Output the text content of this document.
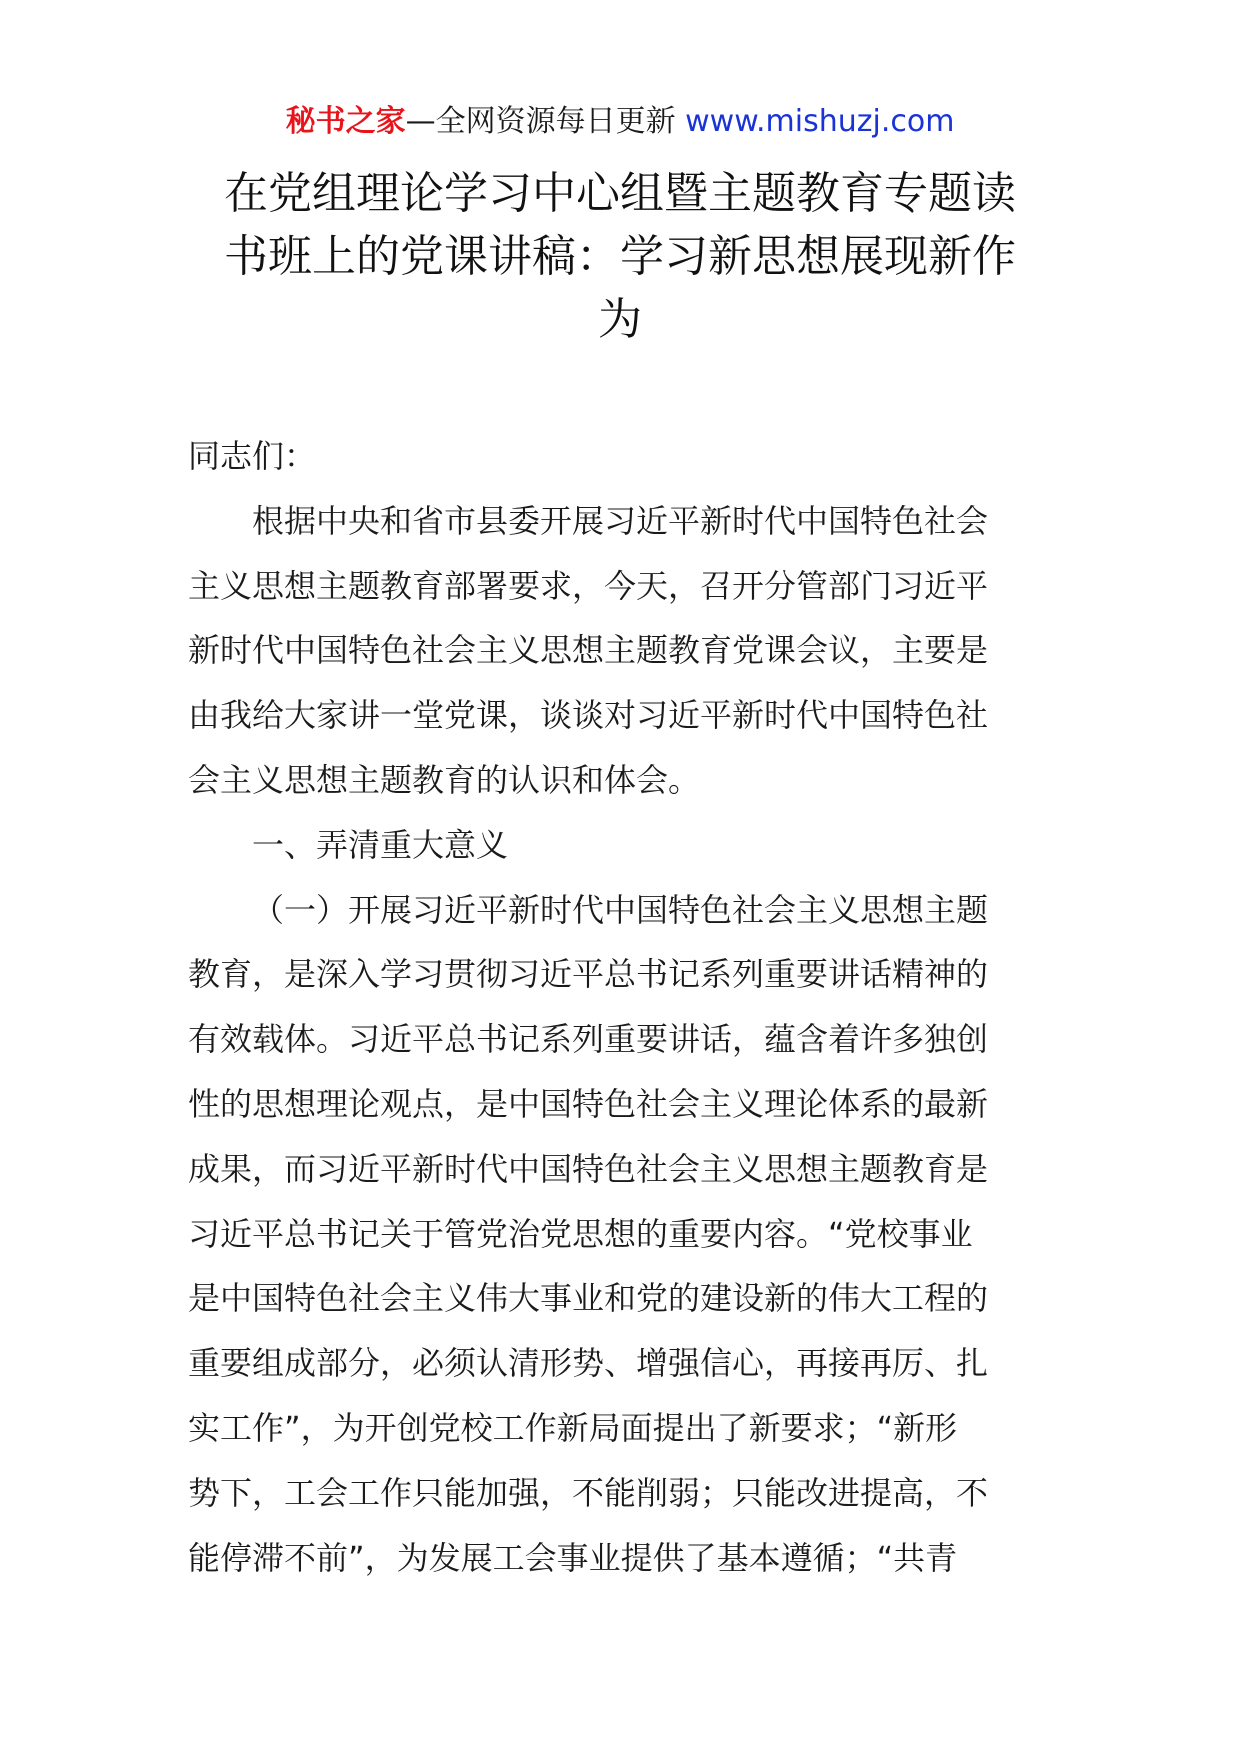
秘书之家—全网资源每日更新 www.mishuzj.com
在党组理论学习中心组暨主题教育专题读
书班上的党课讲稿：学习新思想展现新作
为
同志们：
根据中央和省市县委开展习近平新时代中国特色社会
主义思想主题教育部署要求，今天，召开分管部门习近平
新时代中国特色社会主义思想主题教育党课会议，主要是
由我给大家讲一堂党课，谈谈对习近平新时代中国特色社
会主义思想主题教育的认识和体会。
一、弄清重大意义
（一）开展习近平新时代中国特色社会主义思想主题
教育，是深入学习贯彻习近平总书记系列重要讲话精神的
有效载体。习近平总书记系列重要讲话，蕴含着许多独创
性的思想理论观点，是中国特色社会主义理论体系的最新
成果，而习近平新时代中国特色社会主义思想主题教育是
习近平总书记关于管党治党思想的重要内容。“党校事业
是中国特色社会主义伟大事业和党的建设新的伟大工程的
重要组成部分，必须认清形势、增强信心，再接再厉、扎
实工作”，为开创党校工作新局面提出了新要求；“新形
势下，工会工作只能加强，不能削弱；只能改进提高，不
能停滞不前”，为发展工会事业提供了基本遵循；“共青
